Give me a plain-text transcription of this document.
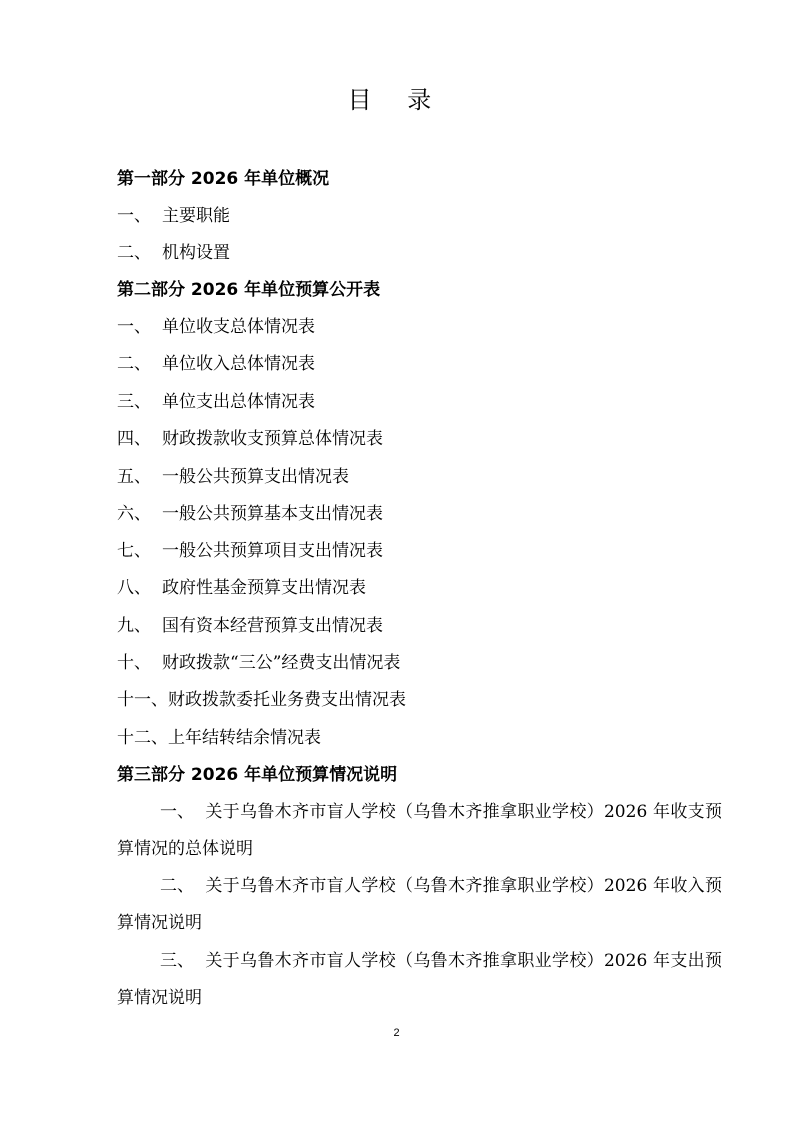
目 录

第一部分 2026 年单位概况

一、 主要职能

二、 机构设置

第二部分 2026 年单位预算公开表

一、 单位收支总体情况表

二、 单位收入总体情况表

三、 单位支出总体情况表

四、 财政拨款收支预算总体情况表

五、 一般公共预算支出情况表

六、 一般公共预算基本支出情况表

七、 一般公共预算项目支出情况表

八、 政府性基金预算支出情况表

九、 国有资本经营预算支出情况表

十、 财政拨款“三公”经费支出情况表

十一、财政拨款委托业务费支出情况表

十二、上年结转结余情况表

第三部分 2026 年单位预算情况说明

一、 关于乌鲁木齐市盲人学校（乌鲁木齐推拿职业学校）2026 年收支预算情况的总体说明

二、 关于乌鲁木齐市盲人学校（乌鲁木齐推拿职业学校）2026 年收入预算情况说明

三、 关于乌鲁木齐市盲人学校（乌鲁木齐推拿职业学校）2026 年支出预算情况说明

2
